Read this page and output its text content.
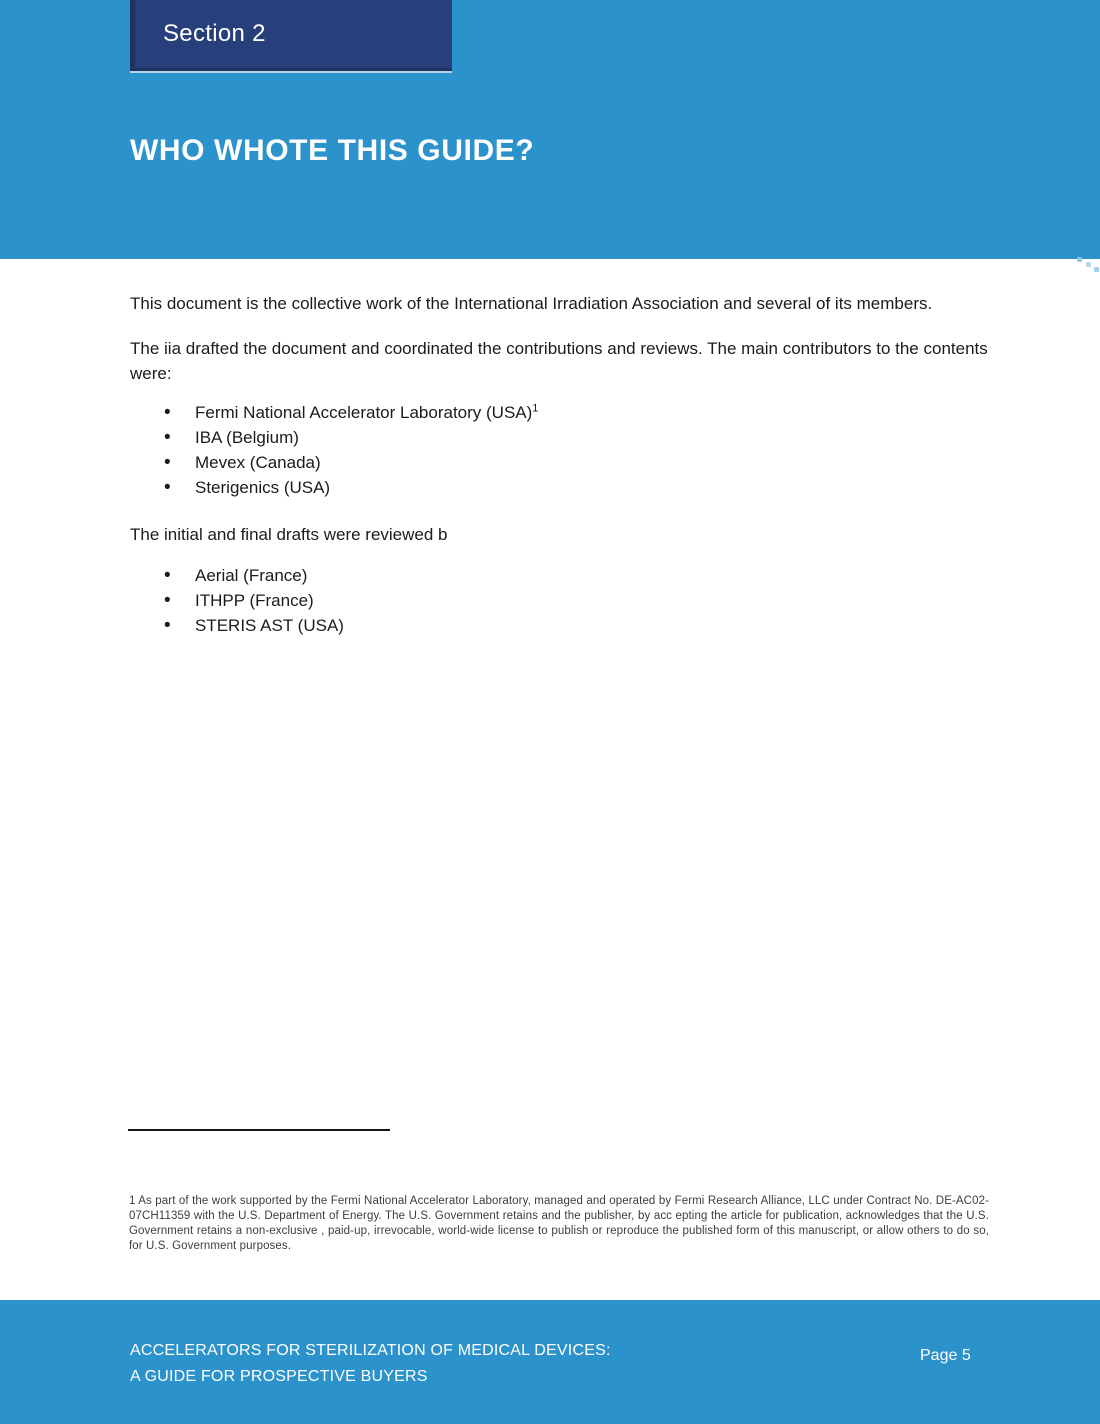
Section 2
WHO WHOTE THIS GUIDE?

This document is the collective work of the International Irradiation Association and several of its members.

The iia drafted the document and coordinated the contributions and reviews. The main contributors to the contents were:

• Fermi National Accelerator Laboratory (USA)$^1$
• IBA (Belgium)
• Mevex (Canada)
• Sterigenics (USA)

The initial and final drafts were reviewed b

• Aerial (France)
• ITHPP (France)
• STERIS AST (USA)
1 As part of the work supported by the Fermi National Accelerator Laboratory, managed and operated by Fermi Research Alliance, LLC under Contract No. DE-AC02-07CH11359 with the U.S. Department of Energy. The U.S. Government retains and the publisher, by acc epting the article for publication, acknowledges that the U.S. Government retains a non-exclusive , paid-up, irrevocable, world-wide license to publish or reproduce the published form of this manuscript, or allow others to do so, for U.S. Government purposes.
ACCELERATORS FOR STERILIZATION OF MEDICAL DEVICES:
A GUIDE FOR PROSPECTIVE BUYERS
Page 5
